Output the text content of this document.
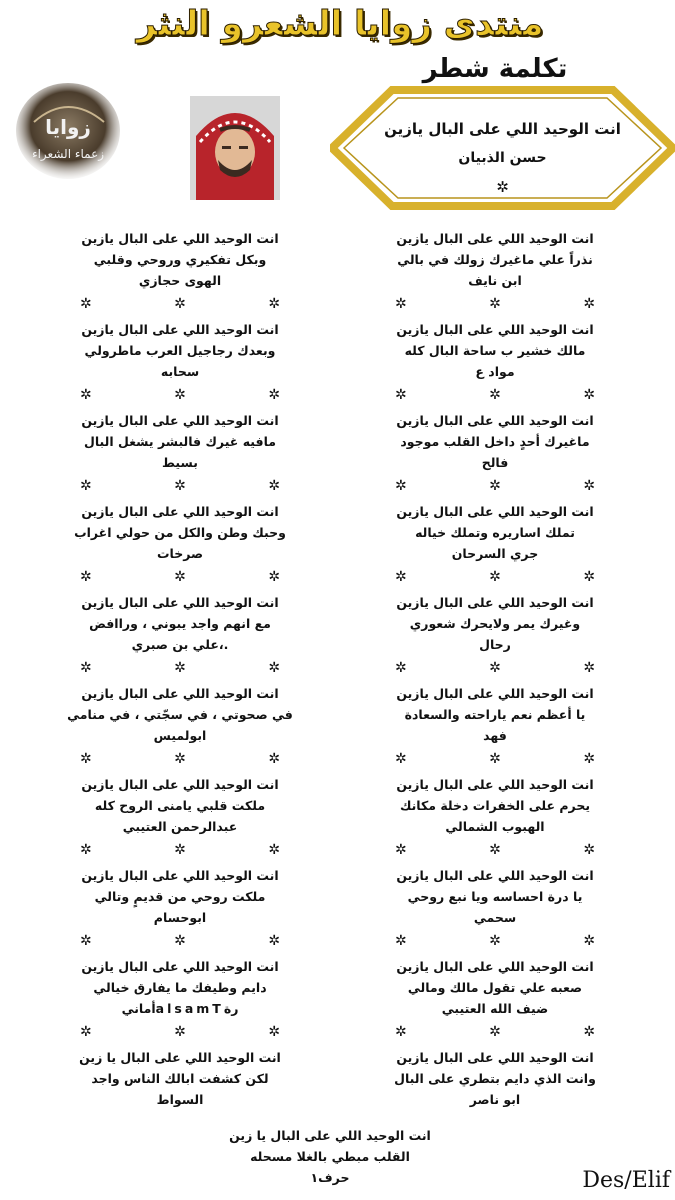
منتدى زوايا الشعرو النثر
تكلمة شطر
زوايا
زعماء الشعراء
انت الوحيد اللي على البال يازين
حسن الذبيان
✲
انت الوحيد اللي على البال يازين
نذراً علي ماغيرك زولك في بالي
ابن نايف
✲ ✲ ✲
انت الوحيد اللي على البال يازين
مالك خشير ب ساحة البال كله
مواد ع
✲ ✲ ✲
انت الوحيد اللي على البال يازين
ماغيرك أحدٍ داخل القلب موجود
فالح
✲ ✲ ✲
انت الوحيد اللي على البال يازين
تملك اساريره وتملك خياله
جري السرحان
✲ ✲ ✲
انت الوحيد اللي على البال يازين
وغيرك يمر ولايحرك شعوري
رحال
✲ ✲ ✲
انت الوحيد اللي على البال يازين
يا أعظم نعم ياراحته والسعادة
فهد
✲ ✲ ✲
انت الوحيد اللي على البال يازين
يحرم على الخفرات دخلة مكانك
الهبوب الشمالي
✲ ✲ ✲
انت الوحيد اللي على البال يازين
يا درة احساسه ويا نبع روحي
سحمي
✲ ✲ ✲
انت الوحيد اللي على البال يازين
صعبه علي تقول مالك ومالي
ضيف الله العتيبي
✲ ✲ ✲
انت الوحيد اللي على البال يازين
وانت الذي دايم بتطري على البال
ابو ناصر
انت الوحيد اللي على البال يازين
وبكل تفكيري وروحي وقلبي
الهوى حجازي
✲ ✲ ✲
انت الوحيد اللي على البال يازين
وبعدك رجاجيل العرب ماطرولي
سحابه
✲ ✲ ✲
انت الوحيد اللي على البال يازين
مافيه غيرك فالبشر يشغل البال
بسيط
✲ ✲ ✲
انت الوحيد اللي على البال يازين
وحبك وطن والكل من حولي اغراب
صرخات
✲ ✲ ✲
انت الوحيد اللي على البال يازين
مع انهم واجد يبوني ، وراافض
.،علي بن صبري
✲ ✲ ✲
انت الوحيد اللي على البال يازين
في صحوتي ، في سجّتي ، في منامي
ابولميس
✲ ✲ ✲
انت الوحيد اللي على البال يازين
ملكت قلبي يامنى الروح كله
عبدالرحمن العتيبي
✲ ✲ ✲
انت الوحيد اللي على البال يازين
ملكت روحي من قديمٍ وتالي
ابوحسام
✲ ✲ ✲
انت الوحيد اللي على البال يازين
دايم وطيفك ما يفارق خيالي
رةalsamTأماني
✲ ✲ ✲
انت الوحيد اللي على البال يا زين
لكن كشفت ابالك الناس واجد
السواط
انت الوحيد اللي على البال يا زين
القلب مبطي بالغلا مسحله
حرف۱	Des/Elif
